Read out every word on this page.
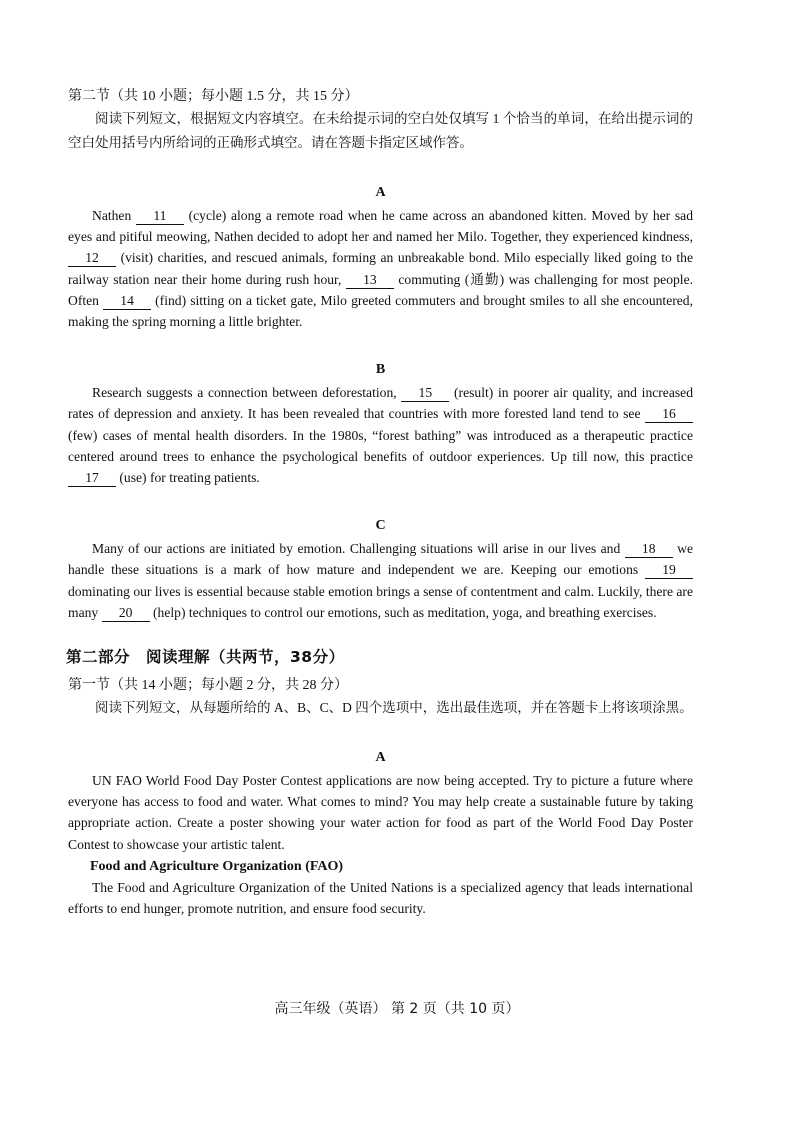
第二节（共 10 小题；每小题 1.5 分，共 15 分）

阅读下列短文，根据短文内容填空。在未给提示词的空白处仅填写 1 个恰当的单词，在给出提示词的空白处用括号内所给词的正确形式填空。请在答题卡指定区域作答。

A

Nathen 11 (cycle) along a remote road when he came across an abandoned kitten. Moved by her sad eyes and pitiful meowing, Nathen decided to adopt her and named her Milo. Together, they experienced kindness, 12 (visit) charities, and rescued animals, forming an unbreakable bond. Milo especially liked going to the railway station near their home during rush hour, 13 commuting (通勤) was challenging for most people. Often 14 (find) sitting on a ticket gate, Milo greeted commuters and brought smiles to all she encountered, making the spring morning a little brighter.

B

Research suggests a connection between deforestation, 15 (result) in poorer air quality, and increased rates of depression and anxiety. It has been revealed that countries with more forested land tend to see 16 (few) cases of mental health disorders. In the 1980s, “forest bathing” was introduced as a therapeutic practice centered around trees to enhance the psychological benefits of outdoor experiences. Up till now, this practice 17 (use) for treating patients.

C

Many of our actions are initiated by emotion. Challenging situations will arise in our lives and 18 we handle these situations is a mark of how mature and independent we are. Keeping our emotions 19 dominating our lives is essential because stable emotion brings a sense of contentment and calm. Luckily, there are many 20 (help) techniques to control our emotions, such as meditation, yoga, and breathing exercises.

第二部分　阅读理解（共两节，38分）

第一节（共 14 小题；每小题 2 分，共 28 分）

阅读下列短文，从每题所给的 A、B、C、D 四个选项中，选出最佳选项，并在答题卡上将该项涂黑。

A

UN FAO World Food Day Poster Contest applications are now being accepted. Try to picture a future where everyone has access to food and water. What comes to mind? You may help create a sustainable future by taking appropriate action. Create a poster showing your water action for food as part of the World Food Day Poster Contest to showcase your artistic talent.

Food and Agriculture Organization (FAO)

The Food and Agriculture Organization of the United Nations is a specialized agency that leads international efforts to end hunger, promote nutrition, and ensure food security.

高三年级（英语） 第 2 页（共 10 页）
